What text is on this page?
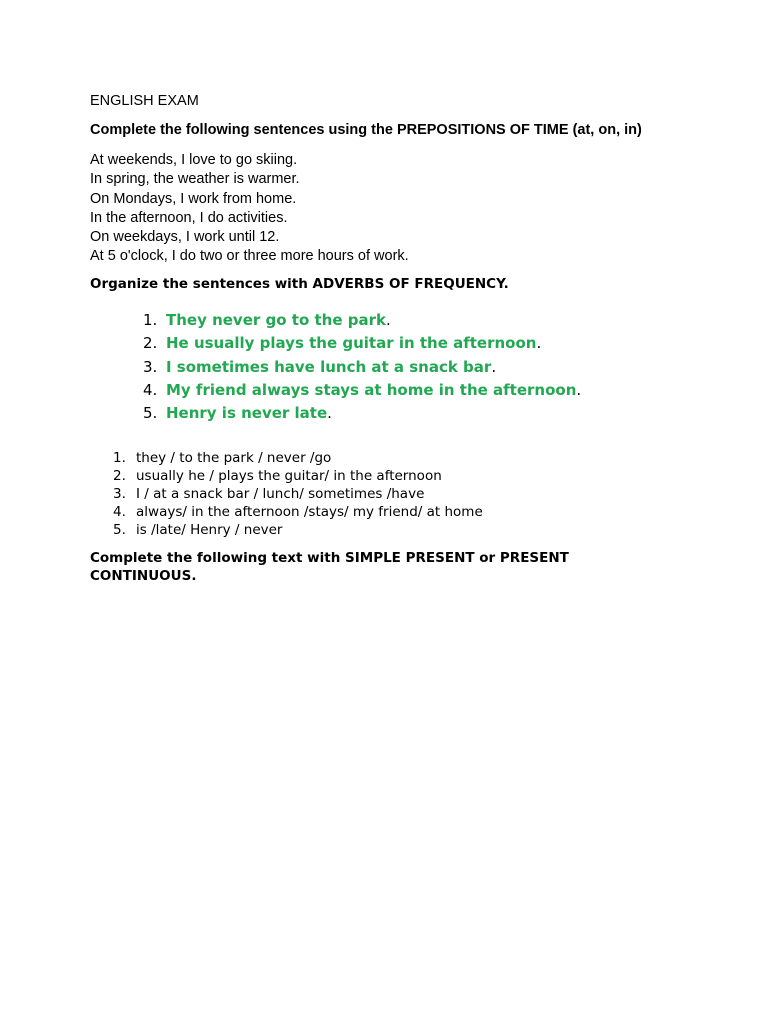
ENGLISH EXAM

Complete the following sentences using the PREPOSITIONS OF TIME (at, on, in)

At weekends, I love to go skiing.
In spring, the weather is warmer.
On Mondays, I work from home.
In the afternoon, I do activities.
On weekdays, I work until 12.
At 5 o'clock, I do two or three more hours of work.

Organize the sentences with ADVERBS OF FREQUENCY.

1. They never go to the park.
2. He usually plays the guitar in the afternoon.
3. I sometimes have lunch at a snack bar.
4. My friend always stays at home in the afternoon.
5. Henry is never late.
1. they / to the park / never /go
2. usually he / plays the guitar/ in the afternoon
3. I / at a snack bar / lunch/ sometimes /have
4. always/ in the afternoon /stays/ my friend/ at home
5. is /late/ Henry / never

Complete the following text with SIMPLE PRESENT or PRESENT CONTINUOUS.
